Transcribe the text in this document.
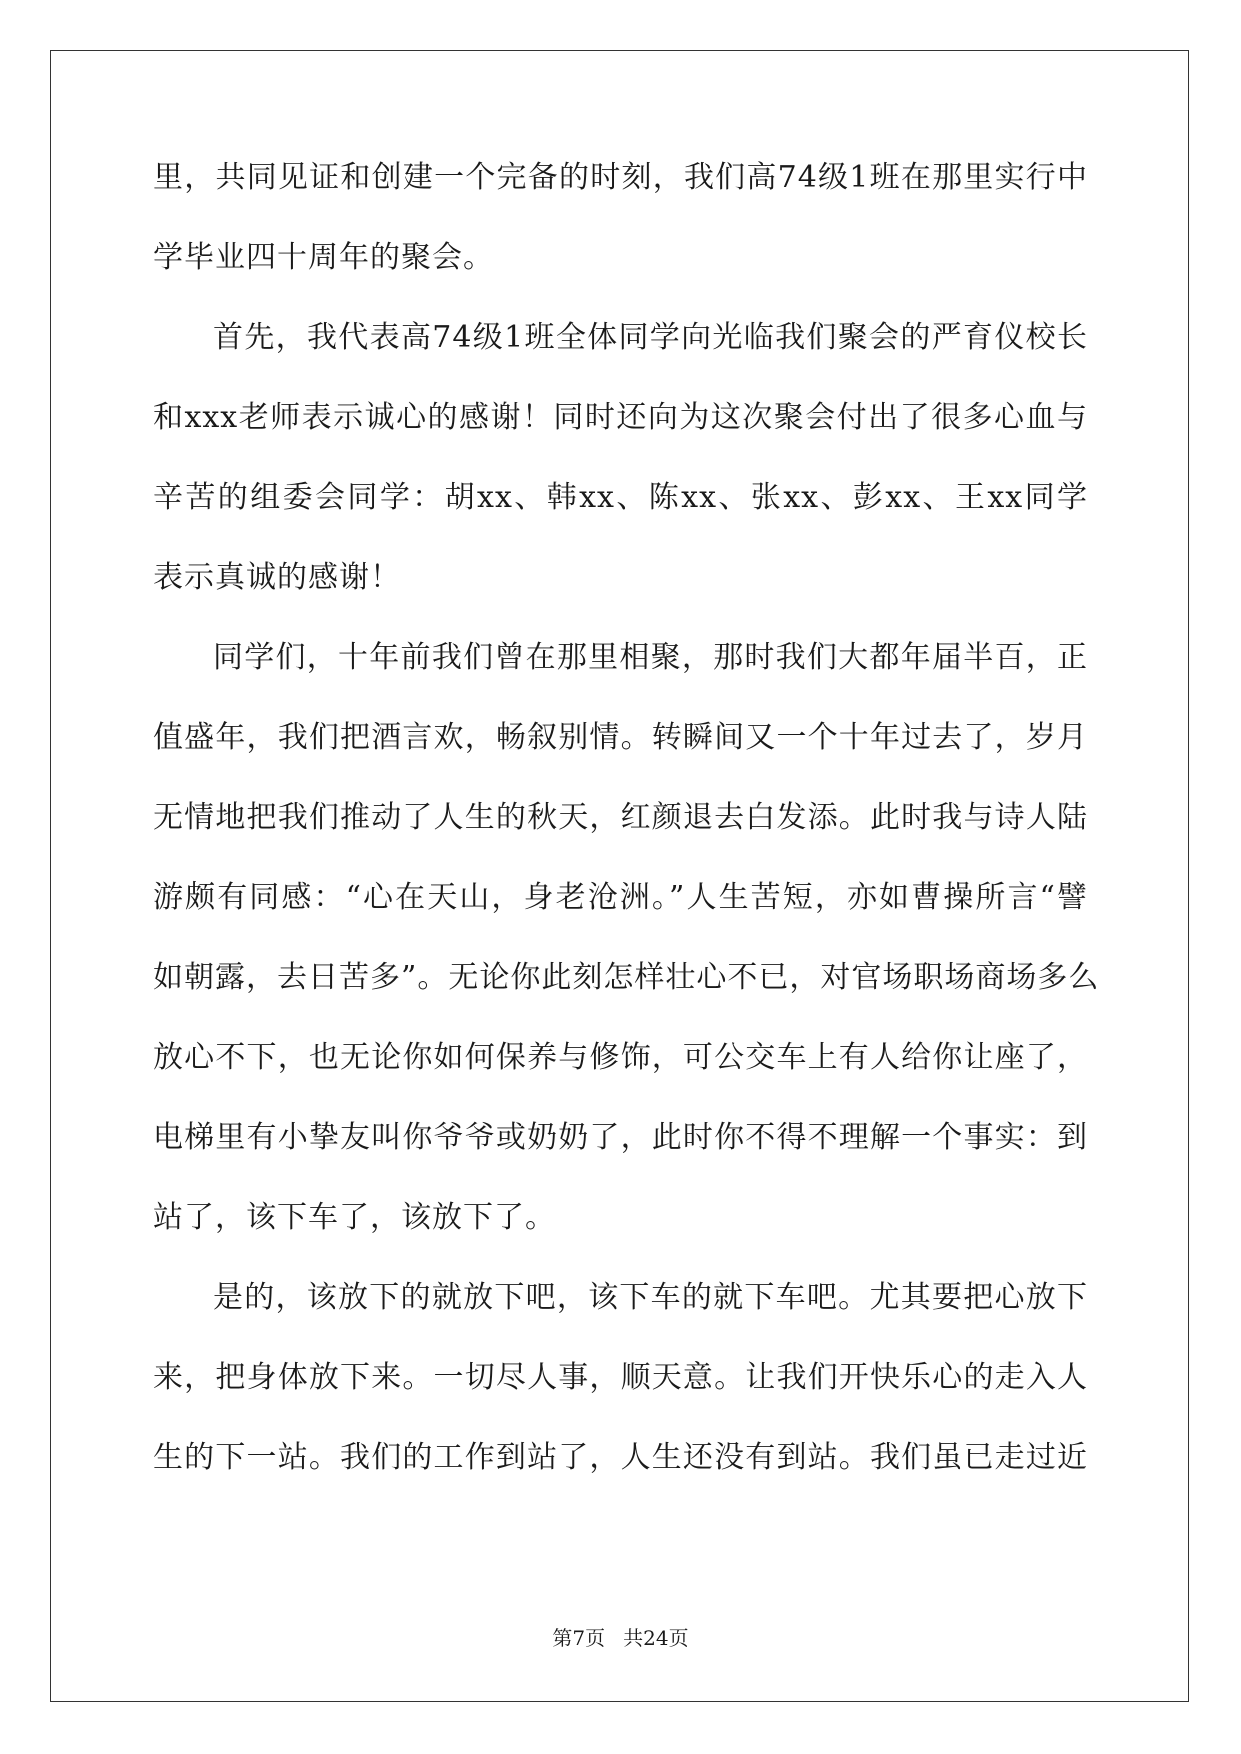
里，共同见证和创建一个完备的时刻，我们高74级1班在那里实行中
学毕业四十周年的聚会。
首先，我代表高74级1班全体同学向光临我们聚会的严育仪校长
和xxx老师表示诚心的感谢！同时还向为这次聚会付出了很多心血与
辛苦的组委会同学：胡xx、韩xx、陈xx、张xx、彭xx、王xx同学
表示真诚的感谢！
同学们，十年前我们曾在那里相聚，那时我们大都年届半百，正
值盛年，我们把酒言欢，畅叙别情。转瞬间又一个十年过去了，岁月
无情地把我们推动了人生的秋天，红颜退去白发添。此时我与诗人陆
游颇有同感：“心在天山，身老沧洲。”人生苦短，亦如曹操所言“譬
如朝露，去日苦多”。无论你此刻怎样壮心不已，对官场职场商场多么
放心不下，也无论你如何保养与修饰，可公交车上有人给你让座了，
电梯里有小挚友叫你爷爷或奶奶了，此时你不得不理解一个事实：到
站了，该下车了，该放下了。
是的，该放下的就放下吧，该下车的就下车吧。尤其要把心放下
来，把身体放下来。一切尽人事，顺天意。让我们开快乐心的走入人
生的下一站。我们的工作到站了，人生还没有到站。我们虽已走过近
第7页 共24页
